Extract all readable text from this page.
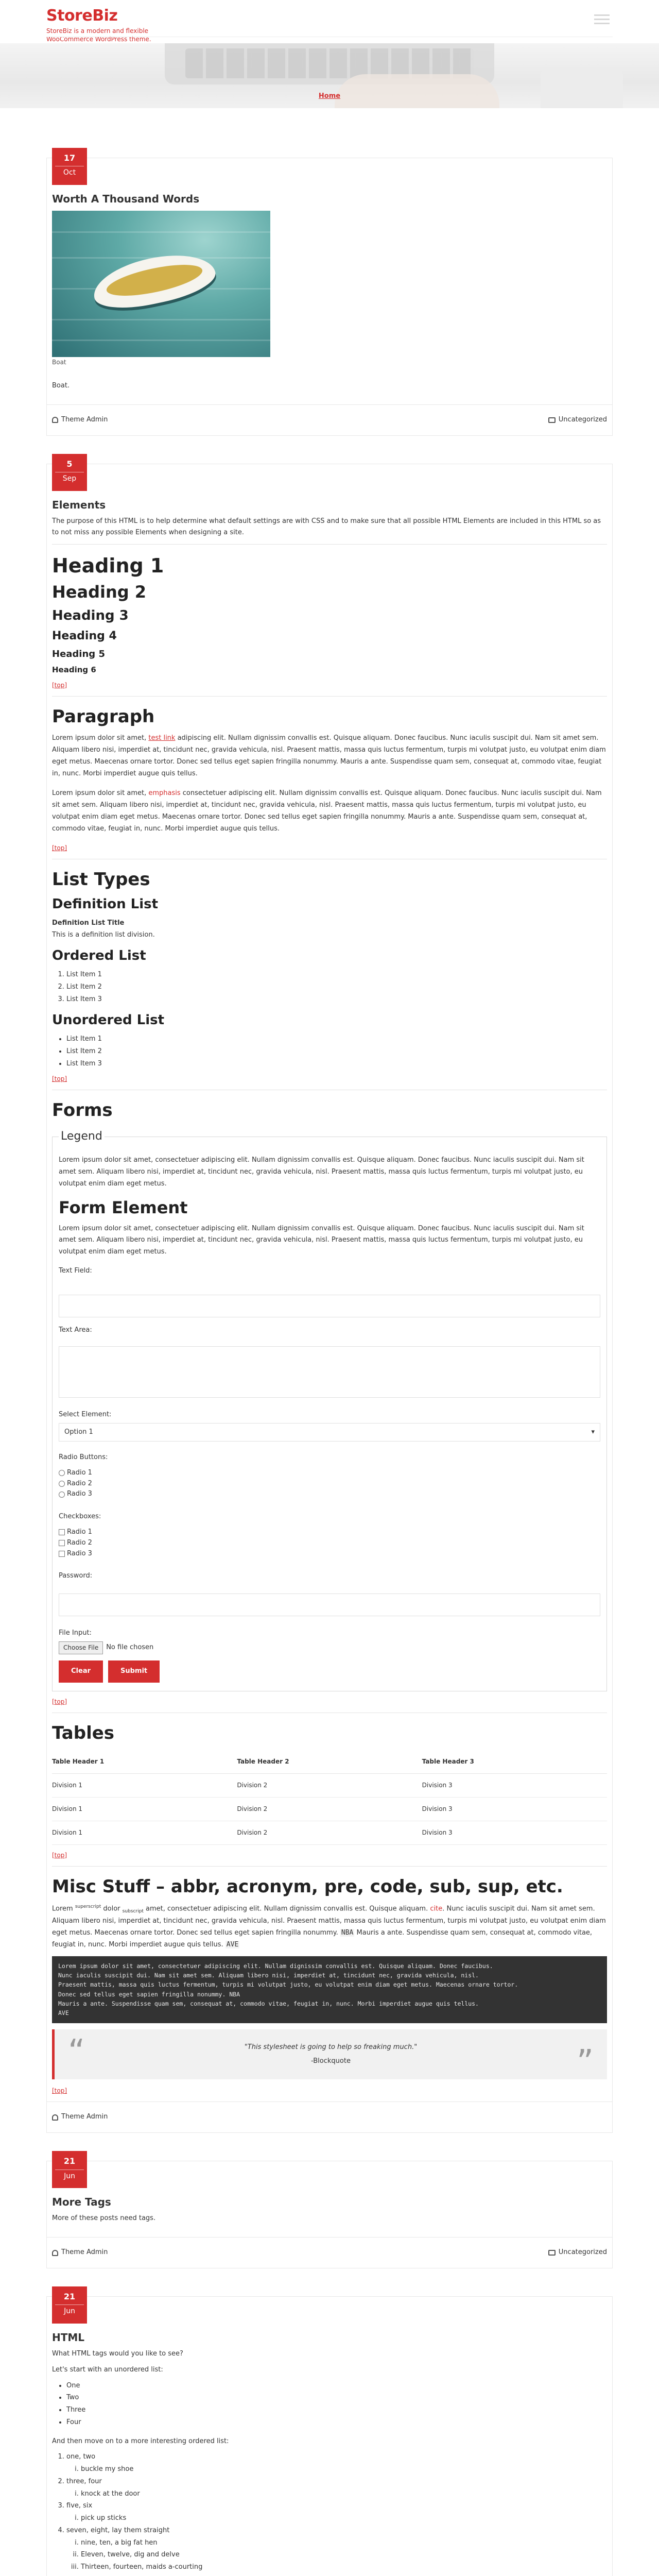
StoreBiz
StoreBiz is a modern and flexible
WooCommerce WordPress theme.
Home
17
Oct
Worth A Thousand Words
Boat

Boat.

Theme Admin	Uncategorized
5
Sep
Elements

The purpose of this HTML is to help determine what default settings are with CSS and to make sure that all possible HTML Elements are included in this HTML so as to not miss any possible Elements when designing a site.

Heading 1
Heading 2
Heading 3
Heading 4
Heading 5
Heading 6
[top]
Paragraph

Lorem ipsum dolor sit amet, test link adipiscing elit. Nullam dignissim convallis est. Quisque aliquam. Donec faucibus. Nunc iaculis suscipit dui. Nam sit amet sem. Aliquam libero nisi, imperdiet at, tincidunt nec, gravida vehicula, nisl. Praesent mattis, massa quis luctus fermentum, turpis mi volutpat justo, eu volutpat enim diam eget metus. Maecenas ornare tortor. Donec sed tellus eget sapien fringilla nonummy. Mauris a ante. Suspendisse quam sem, consequat at, commodo vitae, feugiat in, nunc. Morbi imperdiet augue quis tellus.

Lorem ipsum dolor sit amet, emphasis consectetuer adipiscing elit. Nullam dignissim convallis est. Quisque aliquam. Donec faucibus. Nunc iaculis suscipit dui. Nam sit amet sem. Aliquam libero nisi, imperdiet at, tincidunt nec, gravida vehicula, nisl. Praesent mattis, massa quis luctus fermentum, turpis mi volutpat justo, eu volutpat enim diam eget metus. Maecenas ornare tortor. Donec sed tellus eget sapien fringilla nonummy. Mauris a ante. Suspendisse quam sem, consequat at, commodo vitae, feugiat in, nunc. Morbi imperdiet augue quis tellus.

[top]
List Types
Definition List
Definition List Title
This is a definition list division.
Ordered List
1. List Item 1
2. List Item 2
3. List Item 3
Unordered List
• List Item 1
• List Item 2
• List Item 3
[top]
Forms
Legend

Lorem ipsum dolor sit amet, consectetuer adipiscing elit. Nullam dignissim convallis est. Quisque aliquam. Donec faucibus. Nunc iaculis suscipit dui. Nam sit amet sem. Aliquam libero nisi, imperdiet at, tincidunt nec, gravida vehicula, nisl. Praesent mattis, massa quis luctus fermentum, turpis mi volutpat justo, eu volutpat enim diam eget metus.

Form Element

Lorem ipsum dolor sit amet, consectetuer adipiscing elit. Nullam dignissim convallis est. Quisque aliquam. Donec faucibus. Nunc iaculis suscipit dui. Nam sit amet sem. Aliquam libero nisi, imperdiet at, tincidunt nec, gravida vehicula, nisl. Praesent mattis, massa quis luctus fermentum, turpis mi volutpat justo, eu volutpat enim diam eget metus.

Text Field:
Text Area:
Select Element:
Option 1	▾
Radio Buttons:
Radio 1
Radio 2
Radio 3
Checkboxes:
Radio 1
Radio 2
Radio 3
Password:
File Input:
Choose File	No file chosen
Clear	Submit
[top]
Tables
Table Header 1	Table Header 2	Table Header 3
Division 1	Division 2	Division 3
Division 1	Division 2	Division 3
Division 1	Division 2	Division 3
[top]
Misc Stuff – abbr, acronym, pre, code, sub, sup, etc.

Lorem $^{superscript}$ dolor $_{subscript}$ amet, consectetuer adipiscing elit. Nullam dignissim convallis est. Quisque aliquam. cite. Nunc iaculis suscipit dui. Nam sit amet sem. Aliquam libero nisi, imperdiet at, tincidunt nec, gravida vehicula, nisl. Praesent mattis, massa quis luctus fermentum, turpis mi volutpat justo, eu volutpat enim diam eget metus. Maecenas ornare tortor. Donec sed tellus eget sapien fringilla nonummy. NBA Mauris a ante. Suspendisse quam sem, consequat at, commodo vitae, feugiat in, nunc. Morbi imperdiet augue quis tellus. AVE

Lorem ipsum dolor sit amet, consectetuer adipiscing elit. Nullam dignissim convallis est. Quisque aliquam. Donec faucibus.
Nunc iaculis suscipit dui. Nam sit amet sem. Aliquam libero nisi, imperdiet at, tincidunt nec, gravida vehicula, nisl.
Praesent mattis, massa quis luctus fermentum, turpis mi volutpat justo, eu volutpat enim diam eget metus. Maecenas ornare tortor.
Donec sed tellus eget sapien fringilla nonummy. NBA
Mauris a ante. Suspendisse quam sem, consequat at, commodo vitae, feugiat in, nunc. Morbi imperdiet augue quis tellus.
AVE
“	"This stylesheet is going to help so freaking much."
-Blockquote	”
[top]
Theme Admin
21
Jun
More Tags

More of these posts need tags.

Theme Admin	Uncategorized
21
Jun
HTML

What HTML tags would you like to see?

Let's start with an unordered list:

• One
• Two
• Three
• Four

And then move on to a more interesting ordered list:

1. one, two
i. buckle my shoe
2. three, four
i. knock at the door
3. five, six
i. pick up sticks
4. seven, eight, lay them straight
i. nine, ten, a big fat hen
ii. Eleven, twelve, dig and delve
iii. Thirteen, fourteen, maids a-courting
iv.
